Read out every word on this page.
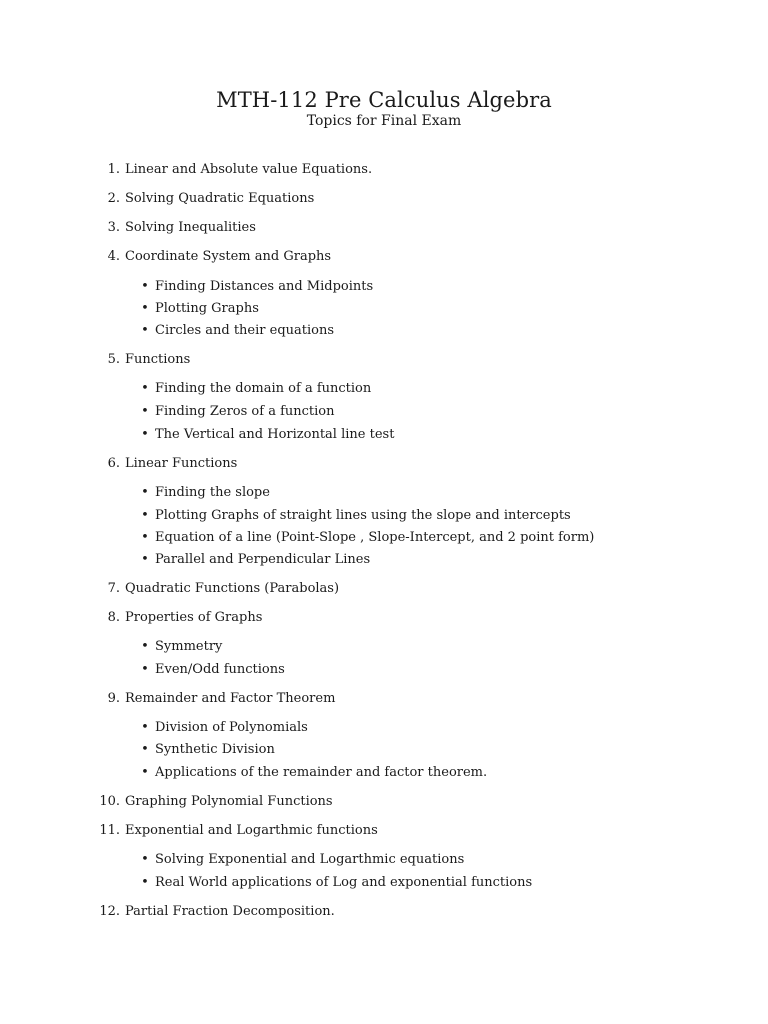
MTH-112 Pre Calculus Algebra
Topics for Final Exam
1. Linear and Absolute value Equations.
2. Solving Quadratic Equations
3. Solving Inequalities
4. Coordinate System and Graphs
• Finding Distances and Midpoints
• Plotting Graphs
• Circles and their equations
5. Functions
• Finding the domain of a function
• Finding Zeros of a function
• The Vertical and Horizontal line test
6. Linear Functions
• Finding the slope
• Plotting Graphs of straight lines using the slope and intercepts
• Equation of a line (Point-Slope , Slope-Intercept, and 2 point form)
• Parallel and Perpendicular Lines
7. Quadratic Functions (Parabolas)
8. Properties of Graphs
• Symmetry
• Even/Odd functions
9. Remainder and Factor Theorem
• Division of Polynomials
• Synthetic Division
• Applications of the remainder and factor theorem.
10. Graphing Polynomial Functions
11. Exponential and Logarthmic functions
• Solving Exponential and Logarthmic equations
• Real World applications of Log and exponential functions
12. Partial Fraction Decomposition.
